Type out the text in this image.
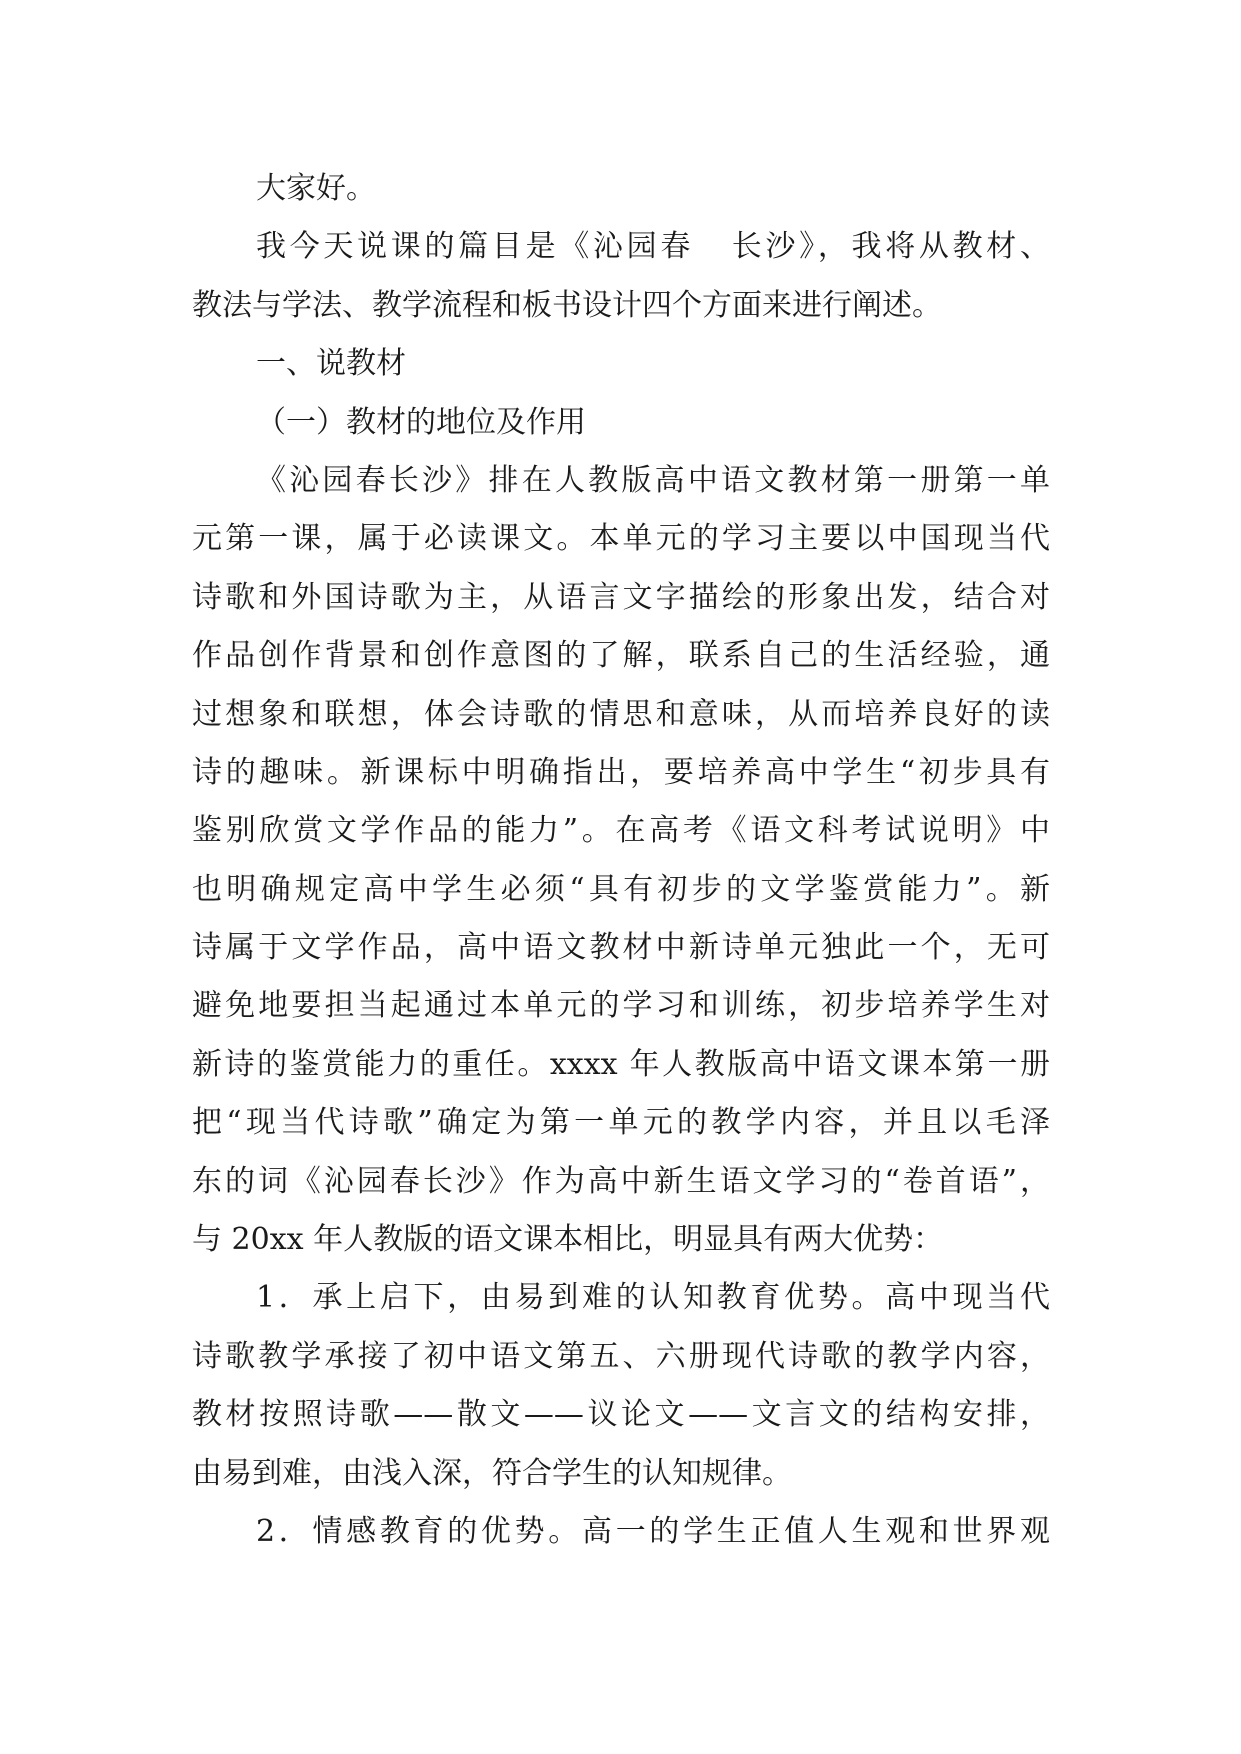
大家好。
我今天说课的篇目是《沁园春 长沙》，我将从教材、
教法与学法、教学流程和板书设计四个方面来进行阐述。
一、说教材
（一）教材的地位及作用
《沁园春长沙》排在人教版高中语文教材第一册第一单
元第一课，属于必读课文。本单元的学习主要以中国现当代
诗歌和外国诗歌为主，从语言文字描绘的形象出发，结合对
作品创作背景和创作意图的了解，联系自己的生活经验，通
过想象和联想，体会诗歌的情思和意味，从而培养良好的读
诗的趣味。新课标中明确指出，要培养高中学生“初步具有
鉴别欣赏文学作品的能力”。在高考《语文科考试说明》中
也明确规定高中学生必须“具有初步的文学鉴赏能力”。新
诗属于文学作品，高中语文教材中新诗单元独此一个，无可
避免地要担当起通过本单元的学习和训练，初步培养学生对
新诗的鉴赏能力的重任。xxxx 年人教版高中语文课本第一册
把“现当代诗歌”确定为第一单元的教学内容，并且以毛泽
东的词《沁园春长沙》作为高中新生语文学习的“卷首语”，
与 20xx 年人教版的语文课本相比，明显具有两大优势：
1．承上启下，由易到难的认知教育优势。高中现当代
诗歌教学承接了初中语文第五、六册现代诗歌的教学内容，
教材按照诗歌——散文——议论文——文言文的结构安排，
由易到难，由浅入深，符合学生的认知规律。
2．情感教育的优势。高一的学生正值人生观和世界观
